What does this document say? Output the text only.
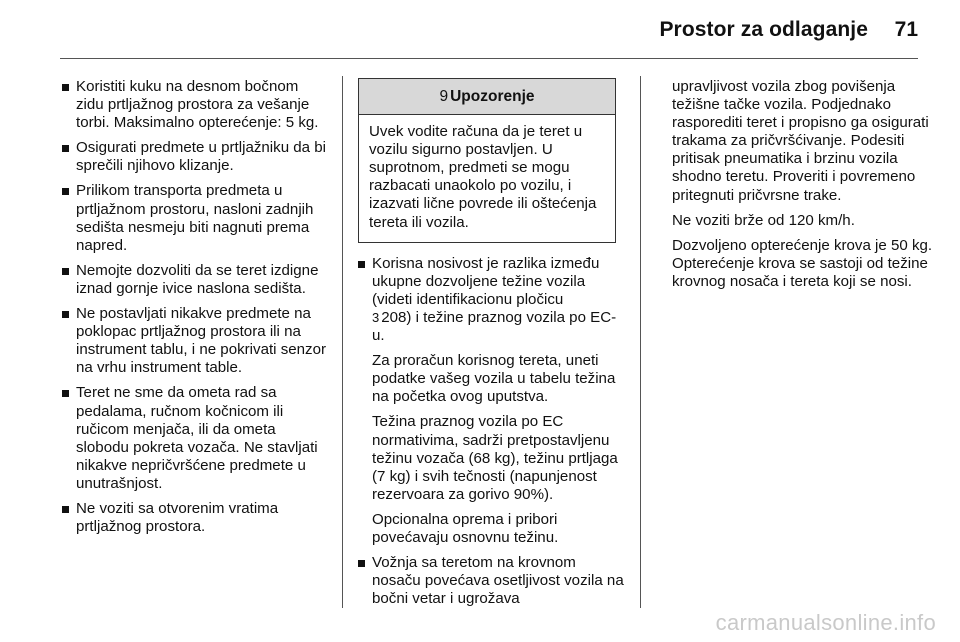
Prostor za odlaganje 71
Koristiti kuku na desnom bočnom zidu prtljažnog prostora za vešanje torbi. Maksimalno opterećenje: 5 kg.
Osigurati predmete u prtljažniku da bi sprečili njihovo klizanje.
Prilikom transporta predmeta u prtljažnom prostoru, nasloni zadnjih sedišta nesmeju biti nagnuti prema napred.
Nemojte dozvoliti da se teret izdigne iznad gornje ivice naslona sedišta.
Ne postavljati nikakve predmete na poklopac prtljažnog prostora ili na instrument tablu, i ne pokrivati senzor na vrhu instrument table.
Teret ne sme da ometa rad sa pedalama, ručnom kočnicom ili ručicom menjača, ili da ometa slobodu pokreta vozača. Ne stavljati nikakve nepričvršćene predmete u unutrašnjost.
Ne voziti sa otvorenim vratima prtljažnog prostora.
9 Upozorenje
Uvek vodite računa da je teret u vozilu sigurno postavljen. U suprotnom, predmeti se mogu razbacati unaokolo po vozilu, i izazvati lične povrede ili oštećenja tereta ili vozila.
Korisna nosivost je razlika između ukupne dozvoljene težine vozila (videti identifikacionu pločicu
3 208) i težine praznog vozila po EC-u.

Za proračun korisnog tereta, uneti podatke vašeg vozila u tabelu težina na početka ovog uputstva.

Težina praznog vozila po EC normativima, sadrži pretpostavljenu težinu vozača (68 kg), težinu prtljaga (7 kg) i svih tečnosti (napunjenost rezervoara za gorivo 90%).

Opcionalna oprema i pribori povećavaju osnovnu težinu.

Vožnja sa teretom na krovnom nosaču povećava osetljivost vozila na bočni vetar i ugrožava

upravljivost vozila zbog povišenja težišne tačke vozila. Podjednako rasporediti teret i propisno ga osigurati trakama za pričvršćivanje. Podesiti pritisak pneumatika i brzinu vozila shodno teretu. Proveriti i povremeno pritegnuti pričvrsne trake.

Ne voziti brže od 120 km/h.

Dozvoljeno opterećenje krova je 50 kg. Opterećenje krova se sastoji od težine krovnog nosača i tereta koji se nosi.

carmanualsonline.info
